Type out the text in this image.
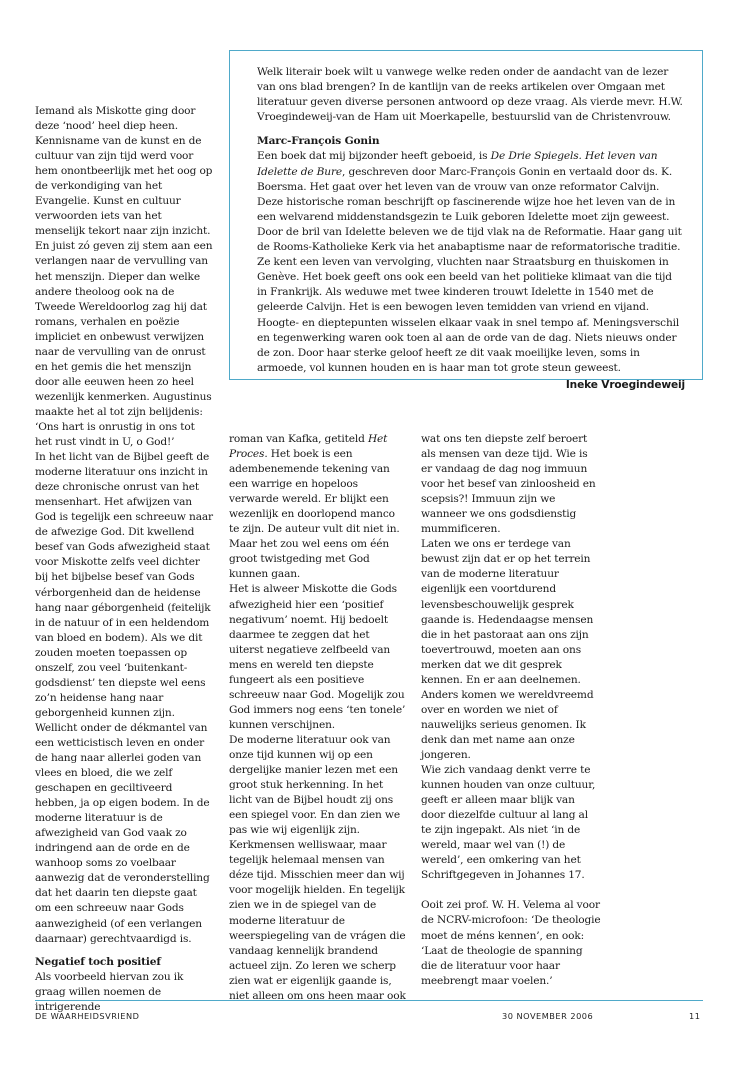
Welk literair boek wilt u vanwege welke reden onder de aandacht van de lezer van ons blad brengen? In de kantlijn van de reeks artikelen over Omgaan met literatuur geven diverse personen antwoord op deze vraag. Als vierde mevr. H.W. Vroegindeweij-van de Ham uit Moerkapelle, bestuurslid van de Christenvrouw.

Marc-François Gonin

Een boek dat mij bijzonder heeft geboeid, is De Drie Spiegels. Het leven van Idelette de Bure, geschreven door Marc-François Gonin en vertaald door ds. K. Boersma. Het gaat over het leven van de vrouw van onze reformator Calvijn. Deze historische roman beschrijft op fascinerende wijze hoe het leven van de in een welvarend middenstandsgezin te Luik geboren Idelette moet zijn geweest. Door de bril van Idelette beleven we de tijd vlak na de Reformatie. Haar gang uit de Rooms-Katholieke Kerk via het anabaptisme naar de reformatorische traditie. Ze kent een leven van vervolging, vluchten naar Straatsburg en thuiskomen in Genève. Het boek geeft ons ook een beeld van het politieke klimaat van die tijd in Frankrijk. Als weduwe met twee kinderen trouwt Idelette in 1540 met de geleerde Calvijn. Het is een bewogen leven temidden van vriend en vijand. Hoogte- en dieptepunten wisselen elkaar vaak in snel tempo af. Meningsverschil en tegenwerking waren ook toen al aan de orde van de dag. Niets nieuws onder de zon. Door haar sterke geloof heeft ze dit vaak moeilijke leven, soms in armoede, vol kunnen houden en is haar man tot grote steun geweest.

Ineke Vroegindeweij

Iemand als Miskotte ging door deze ‘nood’ heel diep heen. Kennisname van de kunst en de cultuur van zijn tijd werd voor hem onontbeerlijk met het oog op de verkondiging van het Evangelie. Kunst en cultuur verwoorden iets van het menselijk tekort naar zijn inzicht. En juist zó geven zij stem aan een verlangen naar de vervulling van het menszijn. Dieper dan welke andere theoloog ook na de Tweede Wereldoorlog zag hij dat romans, verhalen en poëzie impliciet en onbewust verwijzen naar de vervulling van de onrust en het gemis die het menszijn door alle eeuwen heen zo heel wezenlijk kenmerken. Augustinus maakte het al tot zijn belijdenis: ‘Ons hart is onrustig in ons tot het rust vindt in U, o God!’

In het licht van de Bijbel geeft de moderne literatuur ons inzicht in deze chronische onrust van het mensenhart. Het afwijzen van God is tegelijk een schreeuw naar de afwezige God. Dit kwellend besef van Gods afwezigheid staat voor Miskotte zelfs veel dichter bij het bijbelse besef van Gods vérborgenheid dan de heidense hang naar géborgenheid (feitelijk in de natuur of in een heldendom van bloed en bodem). Als we dit zouden moeten toepassen op onszelf, zou veel ‘buitenkant-godsdienst’ ten diepste wel eens zo’n heidense hang naar geborgenheid kunnen zijn. Wellicht onder de dékmantel van een wetticistisch leven en onder de hang naar allerlei goden van vlees en bloed, die we zelf geschapen en geciltiveerd hebben, ja op eigen bodem. In de moderne literatuur is de afwezigheid van God vaak zo indringend aan de orde en de wanhoop soms zo voelbaar aanwezig dat de veronderstelling dat het daarin ten diepste gaat om een schreeuw naar Gods aanwezigheid (of een verlangen daarnaar) gerechtvaardigd is.

Negatief toch positief

Als voorbeeld hiervan zou ik graag willen noemen de intrigerende

roman van Kafka, getiteld Het Proces. Het boek is een adembenemende tekening van een warrige en hopeloos verwarde wereld. Er blijkt een wezenlijk en doorlopend manco te zijn. De auteur vult dit niet in. Maar het zou wel eens om één groot twistgeding met God kunnen gaan.

Het is alweer Miskotte die Gods afwezigheid hier een ‘positief negativum’ noemt. Hij bedoelt daarmee te zeggen dat het uiterst negatieve zelfbeeld van mens en wereld ten diepste fungeert als een positieve schreeuw naar God. Mogelijk zou God immers nog eens ‘ten tonele’ kunnen verschijnen.

De moderne literatuur ook van onze tijd kunnen wij op een dergelijke manier lezen met een groot stuk herkenning. In het licht van de Bijbel houdt zij ons een spiegel voor. En dan zien we pas wie wij eigenlijk zijn. Kerkmensen welliswaar, maar tegelijk helemaal mensen van déze tijd. Misschien meer dan wij voor mogelijk hielden. En tegelijk zien we in de spiegel van de moderne literatuur de weerspiegeling van de vrágen die vandaag kennelijk brandend actueel zijn. Zo leren we scherp zien wat er eigenlijk gaande is, niet alleen om ons heen maar ook

wat ons ten diepste zelf beroert als mensen van deze tijd. Wie is er vandaag de dag nog immuun voor het besef van zinloosheid en scepsis?! Immuun zijn we wanneer we ons godsdienstig mummificeren.

Laten we ons er terdege van bewust zijn dat er op het terrein van de moderne literatuur eigenlijk een voortdurend levensbeschouwelijk gesprek gaande is. Hedendaagse mensen die in het pastoraat aan ons zijn toevertrouwd, moeten aan ons merken dat we dit gesprek kennen. En er aan deelnemen. Anders komen we wereldvreemd over en worden we niet of nauwelijks serieus genomen. Ik denk dan met name aan onze jongeren.

Wie zich vandaag denkt verre te kunnen houden van onze cultuur, geeft er alleen maar blijk van door diezelfde cultuur al lang al te zijn ingepakt. Als niet ‘in de wereld, maar wel van (!) de wereld’, een omkering van het Schriftgegeven in Johannes 17.

Ooit zei prof. W. H. Velema al voor de NCRV-microfoon: ‘De theologie moet de méns kennen’, en ook: ‘Laat de theologie de spanning die de literatuur voor haar meebrengt maar voelen.’

DE WAARHEIDSVRIEND	30 NOVEMBER 2006	11
